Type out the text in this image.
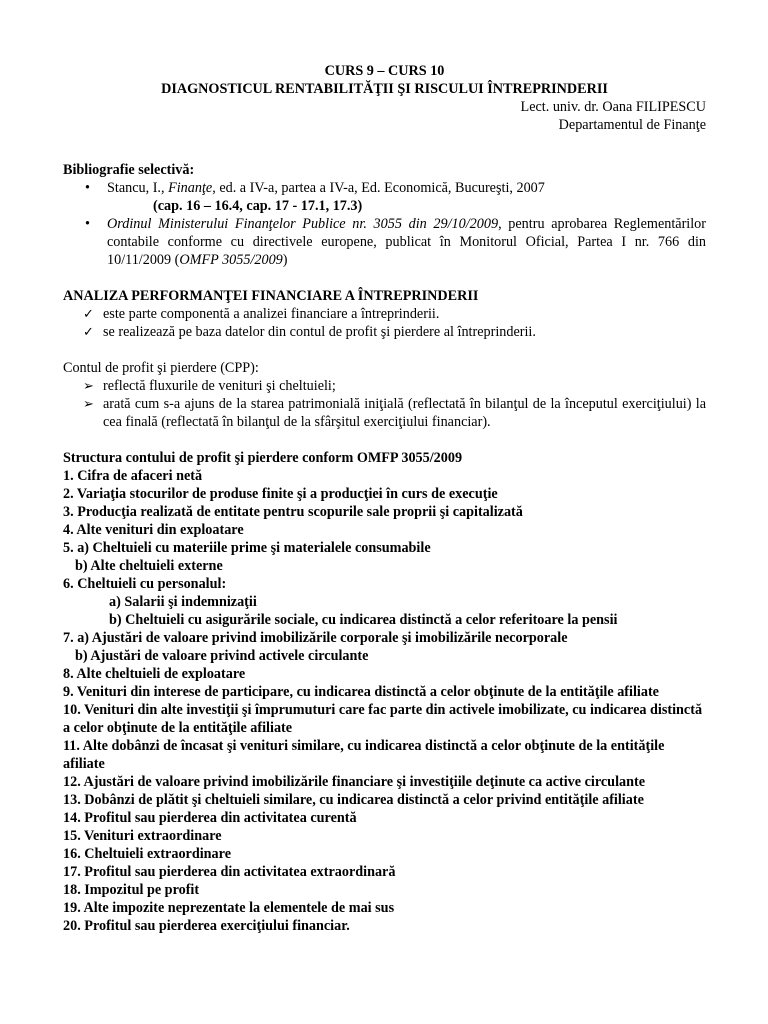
CURS 9 – CURS 10
DIAGNOSTICUL RENTABILITĂŢII ŞI RISCULUI ÎNTREPRINDERII
Lect. univ. dr. Oana FILIPESCU
Departamentul de Finanţe
Bibliografie selectivă:
• Stancu, I., Finanţe, ed. a IV-a, partea a IV-a, Ed. Economică, Bucureşti, 2007
(cap. 16 – 16.4, cap. 17 - 17.1, 17.3)
• Ordinul Ministerului Finanţelor Publice nr. 3055 din 29/10/2009, pentru aprobarea Reglementărilor contabile conforme cu directivele europene, publicat în Monitorul Oficial, Partea I nr. 766 din 10/11/2009 (OMFP 3055/2009)
ANALIZA PERFORMANŢEI FINANCIARE A ÎNTREPRINDERII
✓ este parte componentă a analizei financiare a întreprinderii.
✓ se realizează pe baza datelor din contul de profit şi pierdere al întreprinderii.
Contul de profit şi pierdere (CPP):
➢ reflectă fluxurile de venituri şi cheltuieli;
➢ arată cum s-a ajuns de la starea patrimonială iniţială (reflectată în bilanţul de la începutul exerciţiului) la cea finală (reflectată în bilanţul de la sfârşitul exerciţiului financiar).
Structura contului de profit şi pierdere conform OMFP 3055/2009
1. Cifra de afaceri netă
2. Variaţia stocurilor de produse finite şi a producţiei în curs de execuţie
3. Producţia realizată de entitate pentru scopurile sale proprii şi capitalizată
4. Alte venituri din exploatare
5. a) Cheltuieli cu materiile prime şi materialele consumabile
b) Alte cheltuieli externe
6. Cheltuieli cu personalul:
a) Salarii şi indemnizaţii
b) Cheltuieli cu asigurările sociale, cu indicarea distinctă a celor referitoare la pensii
7. a) Ajustări de valoare privind imobilizările corporale şi imobilizările necorporale
b) Ajustări de valoare privind activele circulante
8. Alte cheltuieli de exploatare
9. Venituri din interese de participare, cu indicarea distinctă a celor obţinute de la entităţile afiliate
10. Venituri din alte investiţii şi împrumuturi care fac parte din activele imobilizate, cu indicarea distinctă a celor obţinute de la entităţile afiliate
11. Alte dobânzi de încasat şi venituri similare, cu indicarea distinctă a celor obţinute de la entităţile afiliate
12. Ajustări de valoare privind imobilizările financiare şi investiţiile deţinute ca active circulante
13. Dobânzi de plătit şi cheltuieli similare, cu indicarea distinctă a celor privind entităţile afiliate
14. Profitul sau pierderea din activitatea curentă
15. Venituri extraordinare
16. Cheltuieli extraordinare
17. Profitul sau pierderea din activitatea extraordinară
18. Impozitul pe profit
19. Alte impozite neprezentate la elementele de mai sus
20. Profitul sau pierderea exerciţiului financiar.
